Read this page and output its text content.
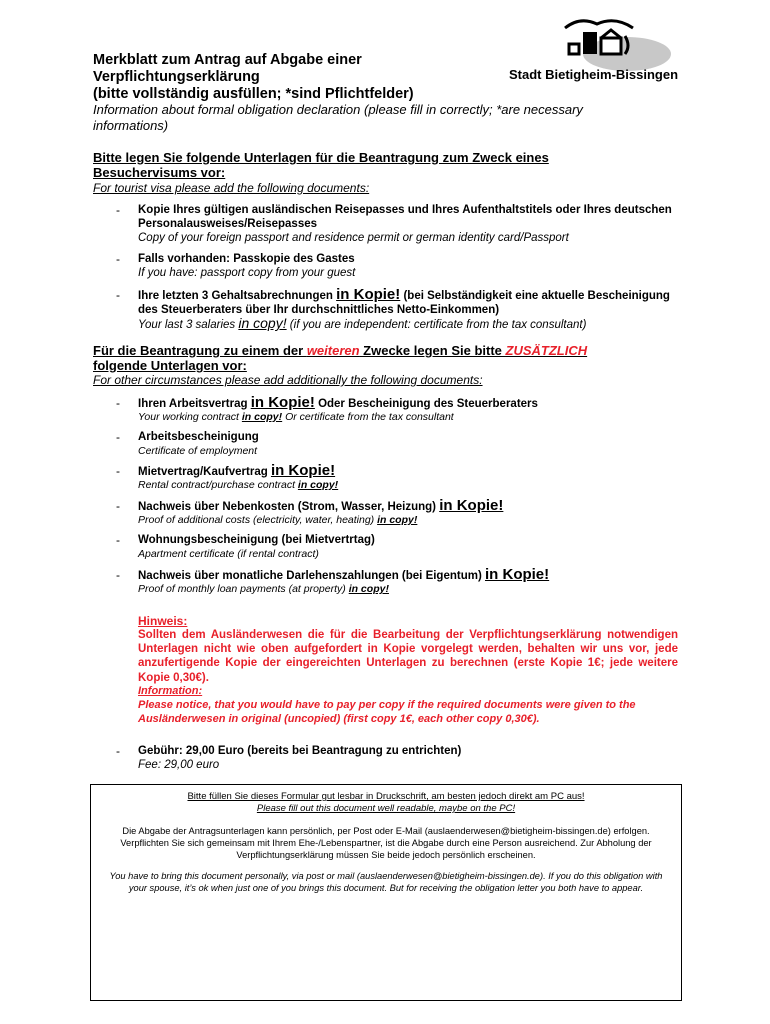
Stadt Bietigheim-Bissingen
Merkblatt zum Antrag auf Abgabe einer
Verpflichtungserklärung
(bitte vollständig ausfüllen; *sind Pflichtfelder)
Information about formal obligation declaration (please fill in correctly; *are necessary informations)
Bitte legen Sie folgende Unterlagen für die Beantragung zum Zweck eines
Besuchervisums vor:
For tourist visa please add the following documents:
- Kopie Ihres gültigen ausländischen Reisepasses und Ihres Aufenthaltstitels oder Ihres deutschen Personalausweises/Reisepasses
Copy of your foreign passport and residence permit or german identity card/Passport
- Falls vorhanden: Passkopie des Gastes
If you have: passport copy from your guest
- Ihre letzten 3 Gehaltsabrechnungen in Kopie! (bei Selbständigkeit eine aktuelle Bescheinigung des Steuerberaters über Ihr durchschnittliches Netto-Einkommen)
Your last 3 salaries in copy! (if you are independent: certificate from the tax consultant)
Für die Beantragung zu einem der weiteren Zwecke legen Sie bitte ZUSÄTZLICH
folgende Unterlagen vor:
For other circumstances please add additionally the following documents:
- Ihren Arbeitsvertrag in Kopie! Oder Bescheinigung des Steuerberaters
Your working contract in copy! Or certificate from the tax consultant
- Arbeitsbescheinigung
Certificate of employment
- Mietvertrag/Kaufvertrag in Kopie!
Rental contract/purchase contract in copy!
- Nachweis über Nebenkosten (Strom, Wasser, Heizung) in Kopie!
Proof of additional costs (electricity, water, heating) in copy!
- Wohnungsbescheinigung (bei Mietvertrtag)
Apartment certificate (if rental contract)
- Nachweis über monatliche Darlehenszahlungen (bei Eigentum) in Kopie!
Proof of monthly loan payments (at property) in copy!
Hinweis:
Sollten dem Ausländerwesen die für die Bearbeitung der Verpflichtungserklärung notwendigen Unterlagen nicht wie oben aufgefordert in Kopie vorgelegt werden, behalten wir uns vor, jede anzufertigende Kopie der eingereichten Unterlagen zu berechnen (erste Kopie 1€; jede weitere Kopie 0,30€).
Information:
Please notice, that you would have to pay per copy if the required documents were given to the Ausländerwesen in original (uncopied) (first copy 1€, each other copy 0,30€).
- Gebühr: 29,00 Euro (bereits bei Beantragung zu entrichten)
Fee: 29,00 euro

Bitte füllen Sie dieses Formular gut lesbar in Druckschrift, am besten jedoch direkt am PC aus!

Please fill out this document well readable, maybe on the PC!

Die Abgabe der Antragsunterlagen kann persönlich, per Post oder E-Mail (auslaenderwesen@bietigheim-bissingen.de) erfolgen. Verpflichten Sie sich gemeinsam mit Ihrem Ehe-/Lebenspartner, ist die Abgabe durch eine Person ausreichend. Zur Abholung der Verpflichtungserklärung müssen Sie beide jedoch persönlich erscheinen.

You have to bring this document personally, via post or mail (auslaenderwesen@bietigheim-bissingen.de). If you do this obligation with your spouse, it’s ok when just one of you brings this document. But for receiving the obligation letter you both have to appear.
